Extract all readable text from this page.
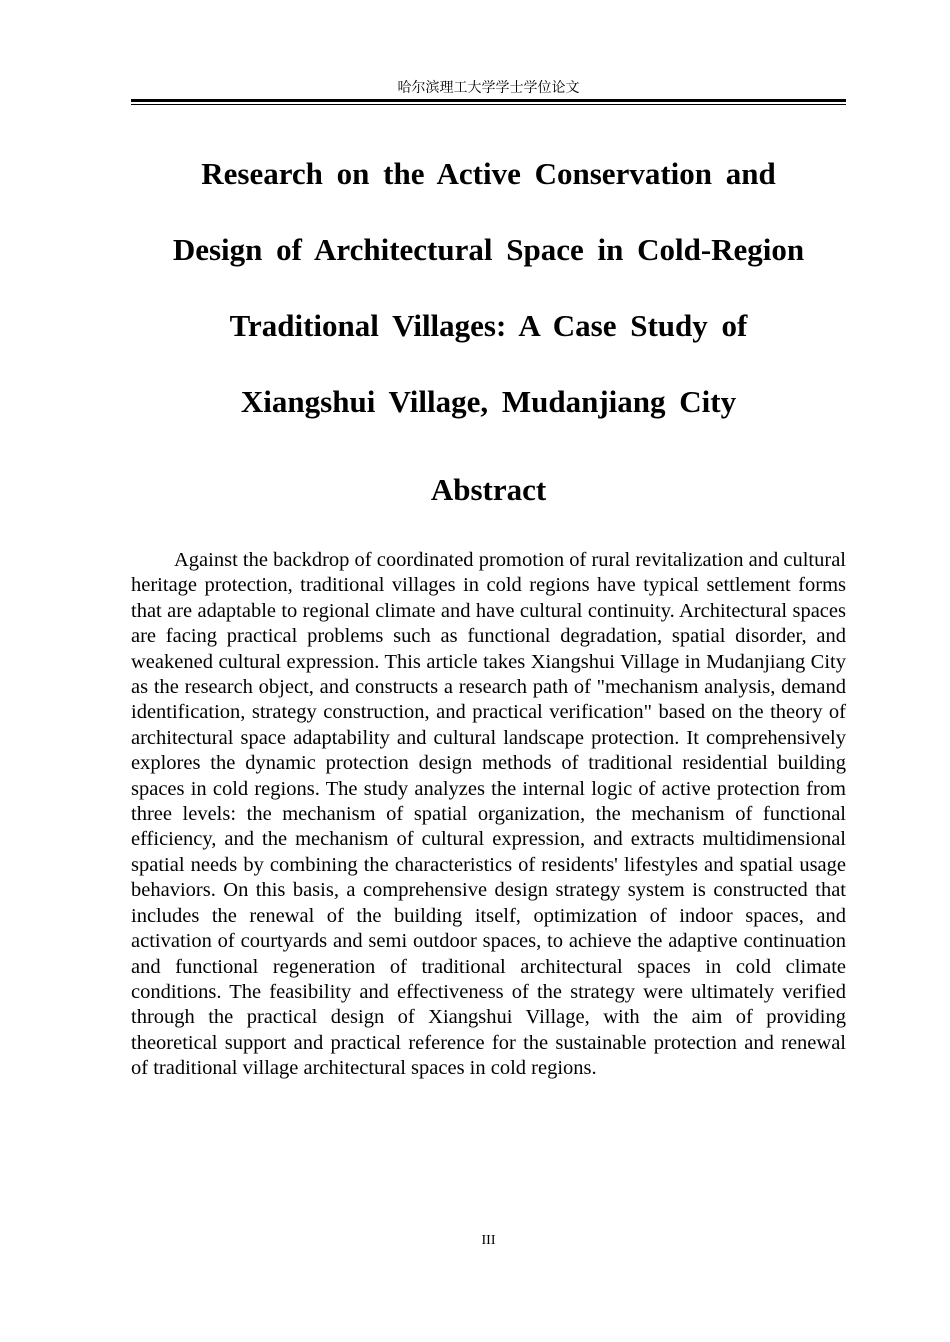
哈尔滨理工大学学士学位论文
Research on the Active Conservation and
Design of Architectural Space in Cold-Region
Traditional Villages: A Case Study of
Xiangshui Village, Mudanjiang City
Abstract

Against the backdrop of coordinated promotion of rural revitalization and cultural heritage protection, traditional villages in cold regions have typical settlement forms that are adaptable to regional climate and have cultural continuity. Architectural spaces are facing practical problems such as functional degradation, spatial disorder, and weakened cultural expression. This article takes Xiangshui Village in Mudanjiang City as the research object, and constructs a research path of "mechanism analysis, demand identification, strategy construction, and practical verification" based on the theory of architectural space adaptability and cultural landscape protection. It comprehensively explores the dynamic protection design methods of traditional residential building spaces in cold regions. The study analyzes the internal logic of active protection from three levels: the mechanism of spatial organization, the mechanism of functional efficiency, and the mechanism of cultural expression, and extracts multidimensional spatial needs by combining the characteristics of residents' lifestyles and spatial usage behaviors. On this basis, a comprehensive design strategy system is constructed that includes the renewal of the building itself, optimization of indoor spaces, and activation of courtyards and semi outdoor spaces, to achieve the adaptive continuation and functional regeneration of traditional architectural spaces in cold climate conditions. The feasibility and effectiveness of the strategy were ultimately verified through the practical design of Xiangshui Village, with the aim of providing theoretical support and practical reference for the sustainable protection and renewal of traditional village architectural spaces in cold regions.

III
